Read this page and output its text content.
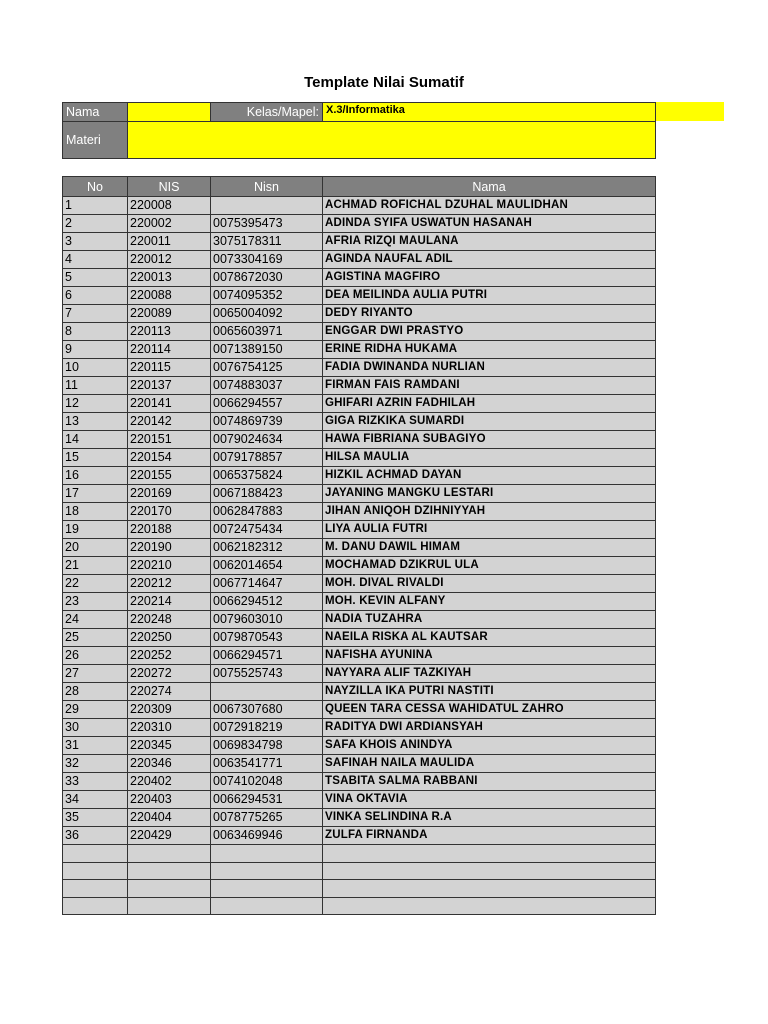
Template Nilai Sumatif
Nama		Kelas/Mapel:	X.3/Informatika
Materi			
No	NIS	Nisn	Nama
1	220008		ACHMAD ROFICHAL DZUHAL MAULIDHAN
2	220002	0075395473	ADINDA SYIFA USWATUN HASANAH
3	220011	3075178311	AFRIA RIZQI MAULANA
4	220012	0073304169	AGINDA NAUFAL ADIL
5	220013	0078672030	AGISTINA MAGFIRO
6	220088	0074095352	DEA MEILINDA AULIA PUTRI
7	220089	0065004092	DEDY RIYANTO
8	220113	0065603971	ENGGAR DWI PRASTYO
9	220114	0071389150	ERINE RIDHA HUKAMA
10	220115	0076754125	FADIA DWINANDA NURLIAN
11	220137	0074883037	FIRMAN FAIS RAMDANI
12	220141	0066294557	GHIFARI AZRIN FADHILAH
13	220142	0074869739	GIGA RIZKIKA SUMARDI
14	220151	0079024634	HAWA FIBRIANA SUBAGIYO
15	220154	0079178857	HILSA MAULIA
16	220155	0065375824	HIZKIL ACHMAD DAYAN
17	220169	0067188423	JAYANING MANGKU LESTARI
18	220170	0062847883	JIHAN ANIQOH DZIHNIYYAH
19	220188	0072475434	LIYA AULIA FUTRI
20	220190	0062182312	M. DANU DAWIL HIMAM
21	220210	0062014654	MOCHAMAD DZIKRUL ULA
22	220212	0067714647	MOH. DIVAL RIVALDI
23	220214	0066294512	MOH. KEVIN ALFANY
24	220248	0079603010	NADIA TUZAHRA
25	220250	0079870543	NAEILA RISKA AL KAUTSAR
26	220252	0066294571	NAFISHA AYUNINA
27	220272	0075525743	NAYYARA ALIF TAZKIYAH
28	220274		NAYZILLA IKA PUTRI NASTITI
29	220309	0067307680	QUEEN TARA CESSA WAHIDATUL ZAHRO
30	220310	0072918219	RADITYA DWI ARDIANSYAH
31	220345	0069834798	SAFA KHOIS ANINDYA
32	220346	0063541771	SAFINAH NAILA MAULIDA
33	220402	0074102048	TSABITA SALMA RABBANI
34	220403	0066294531	VINA OKTAVIA
35	220404	0078775265	VINKA SELINDINA R.A
36	220429	0063469946	ZULFA FIRNANDA
